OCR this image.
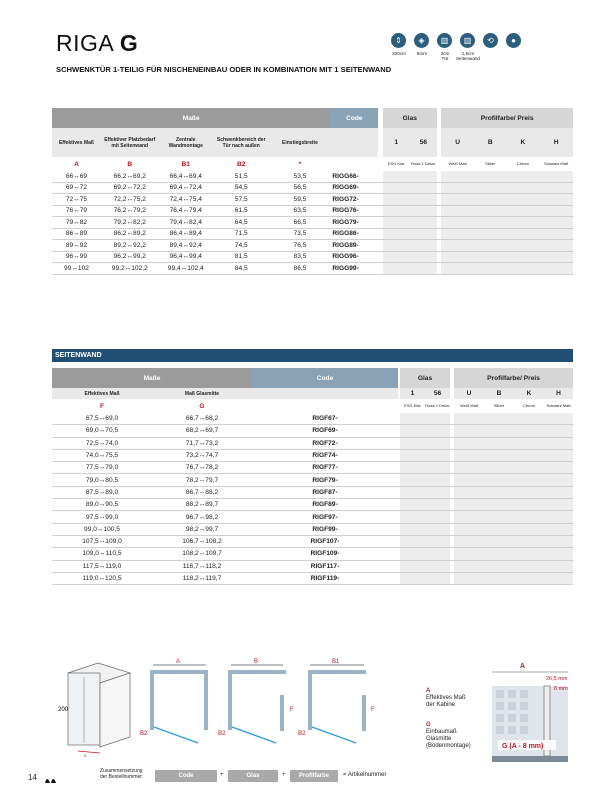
RIGA G
SCHWENKTÜR 1-TEILIG FÜR NISCHENEINBAU ODER IN KOMBINATION MIT 1 SEITENWAND
⇕
200cm
◈
6mm
▥
3cm
Tür
▥
1,5cm
Seitenwand
⟲	●
Maße					Code		Glas			Profilfarbe/ Preis			
Effektives Maß	Effektiver Platzbedarf mit Seitenwand	Zentrale Wandmontage	Schwenkbereich der Tür nach außen	Einstiegsbreite			1	56		U	B	K	H
A	B	B1	B2	*			ESG Klar	Rosa 1 Dekor		Weiß Matt	Silber	Chrom	Schwarz Matt
66↔69	66,2↔69,2	66,4↔69,4	51,5	53,5	RIGG66-								
69↔72	69,2↔72,2	69,4↔72,4	54,5	56,5	RIGG69-								
72↔75	72,2↔75,2	72,4↔75,4	57,5	59,5	RIGG72-								
76↔79	76,2↔79,2	76,4↔79,4	61,5	63,5	RIGG76-								
79↔82	79,2↔82,2	79,4↔82,4	64,5	66,5	RIGG79-								
86↔89	86,2↔89,2	86,4↔89,4	71,5	73,5	RIGG86-								
89↔92	89,2↔92,2	89,4↔92,4	74,5	76,5	RIGG89-								
96↔99	96,2↔99,2	96,4↔99,4	81,5	83,5	RIGG96-								
99↔102	99,2↔102,2	99,4↔102,4	84,5	86,5	RIGG99-								
SEITENWAND
Maße		Code		Glas			Profilfarbe/ Preis			
Effektives Maß	Maß Glasmitte			1	56		U	B	K	H
F	G			ESG Klar	Rosa 1 Dekor		Weiß Matt	Silber	Chrom	Schwarz Matt
67,5↔69,0	66,7↔68,2	RIGF67-								
69,0↔70,5	68,2↔69,7	RIGF69-								
72,5↔74,0	71,7↔73,2	RIGF72-								
74,0↔75,5	73,2↔74,7	RIGF74-								
77,5↔79,0	76,7↔78,2	RIGF77-								
79,0↔80,5	78,2↔79,7	RIGF79-								
87,5↔89,0	86,7↔88,2	RIGF87-								
89,0↔90,5	88,2↔89,7	RIGF89-								
97,5↔99,0	96,7↔98,2	RIGF97-								
99,0↔100,5	98,2↔99,7	RIGF99-								
107,5↔109,0	106,7↔108,2	RIGF107-								
109,0↔110,5	108,2↔109,7	RIGF109-								
117,5↔119,0	116,7↔118,2	RIGF117-								
119,0↔120,5	118,2↔119,7	RIGF119-								
200
*
A
B2
B
F
B2
B1
F
B2
A
Effektives Maß
der Kabine
G
Einbaumaß
Glasmitte
(Bodenmontage)
A
26,5 mm
8 mm
G (A - 8 mm)
14
Zusammensetzung
der Bestellnummer:	Code	+	Glas	+	Profilfarbe	= Artikelnummer
